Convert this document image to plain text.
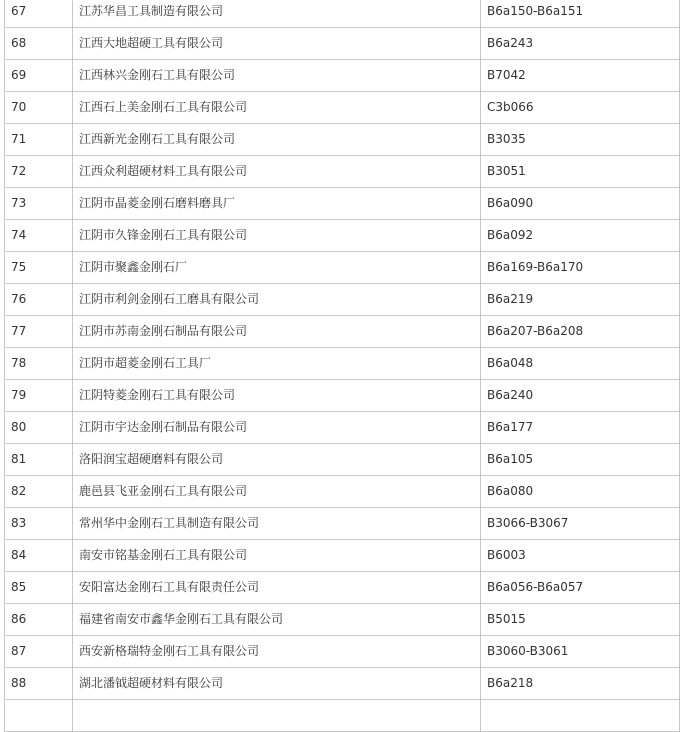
67	江苏华昌工具制造有限公司	B6a150-B6a151
68	江西大地超硬工具有限公司	B6a243
69	江西林兴金刚石工具有限公司	B7042
70	江西石上美金刚石工具有限公司	C3b066
71	江西新光金刚石工具有限公司	B3035
72	江西众利超硬材料工具有限公司	B3051
73	江阴市晶菱金刚石磨料磨具厂	B6a090
74	江阴市久锋金刚石工具有限公司	B6a092
75	江阴市聚鑫金刚石厂	B6a169-B6a170
76	江阴市利剑金刚石工磨具有限公司	B6a219
77	江阴市苏南金刚石制品有限公司	B6a207-B6a208
78	江阴市超菱金刚石工具厂	B6a048
79	江阴特菱金刚石工具有限公司	B6a240
80	江阴市宇达金刚石制品有限公司	B6a177
81	洛阳润宝超硬磨料有限公司	B6a105
82	鹿邑县飞亚金刚石工具有限公司	B6a080
83	常州华中金刚石工具制造有限公司	B3066-B3067
84	南安市铭基金刚石工具有限公司	B6003
85	安阳富达金刚石工具有限责任公司	B6a056-B6a057
86	福建省南安市鑫华金刚石工具有限公司	B5015
87	西安新格瑞特金刚石工具有限公司	B3060-B3061
88	湖北潘钺超硬材料有限公司	B6a218
